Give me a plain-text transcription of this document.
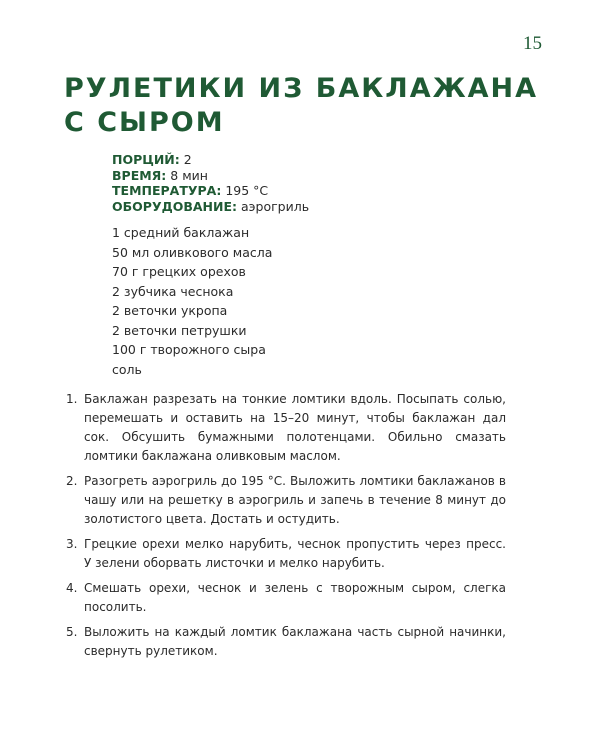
15
РУЛЕТИКИ ИЗ БАКЛАЖАНА
С СЫРОМ
ПОРЦИЙ: 2
ВРЕМЯ: 8 мин
ТЕМПЕРАТУРА: 195 °C
ОБОРУДОВАНИЕ: аэрогриль
1 средний баклажан
50 мл оливкового масла
70 г грецких орехов
2 зубчика чеснока
2 веточки укропа
2 веточки петрушки
100 г творожного сыра
соль
1. Баклажан разрезать на тонкие ломтики вдоль. Посыпать солью, перемешать и оставить на 15–20 минут, чтобы баклажан дал сок. Обсушить бумажными полотенцами. Обильно смазать ломтики баклажана оливковым маслом.
2. Разогреть аэрогриль до 195 °C. Выложить ломтики баклажанов в чашу или на решетку в аэрогриль и запечь в течение 8 минут до золотистого цвета. Достать и остудить.
3. Грецкие орехи мелко нарубить, чеснок пропустить через пресс. У зелени оборвать листочки и мелко нарубить.
4. Смешать орехи, чеснок и зелень с творожным сыром, слегка посолить.
5. Выложить на каждый ломтик баклажана часть сырной начинки, свернуть рулетиком.
